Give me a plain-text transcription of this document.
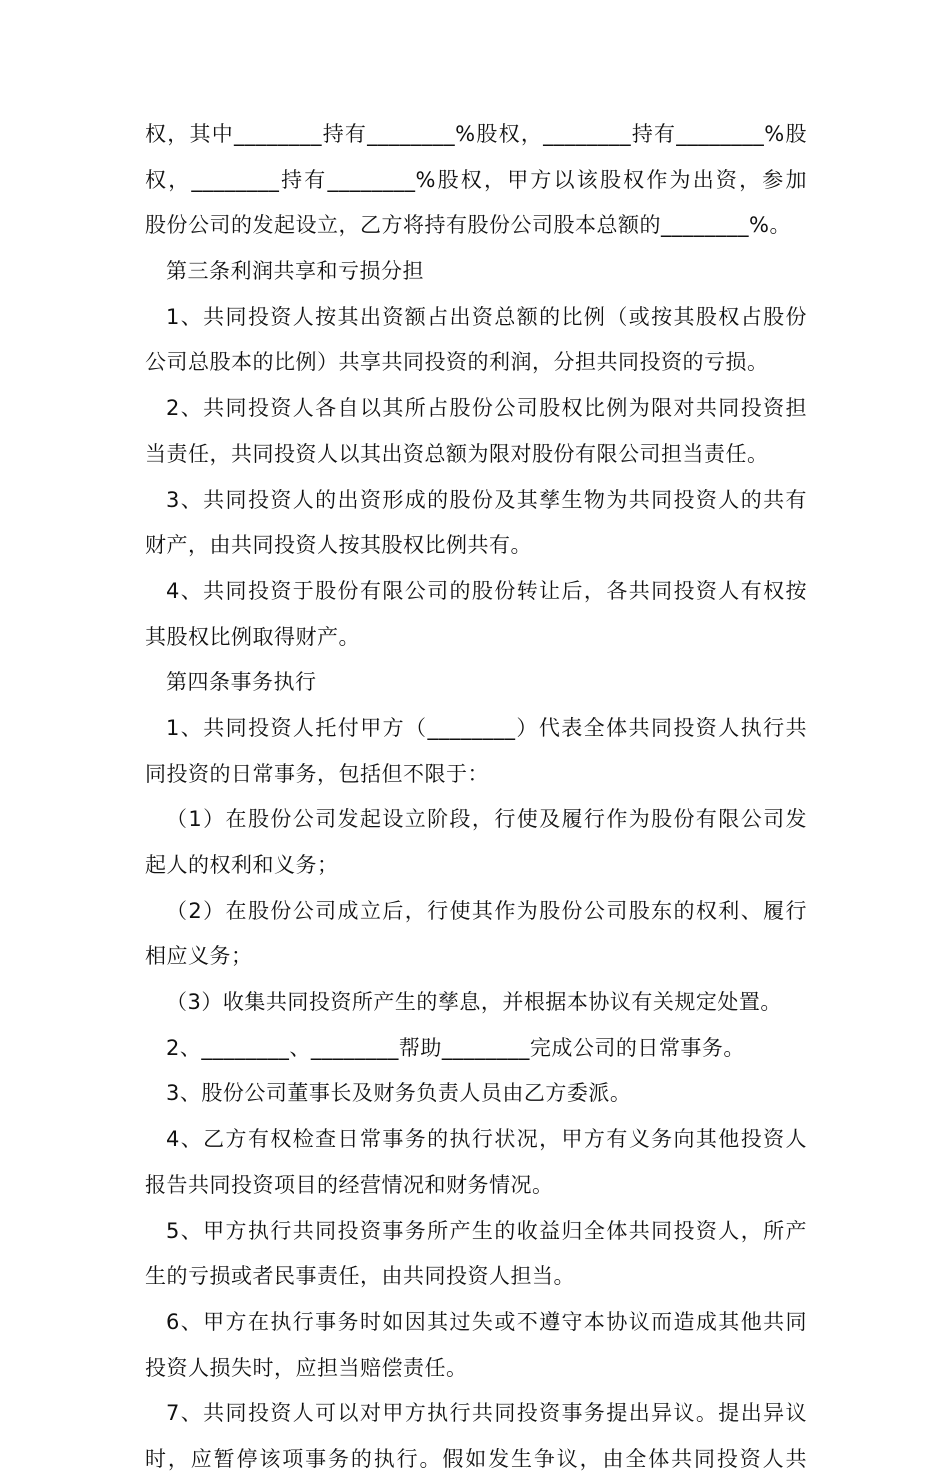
权，其中________持有________%股权，________持有________%股
权，________持有________%股权，甲方以该股权作为出资，参加
股份公司的发起设立，乙方将持有股份公司股本总额的________%。
第三条利润共享和亏损分担
1、共同投资人按其出资额占出资总额的比例（或按其股权占股份
公司总股本的比例）共享共同投资的利润，分担共同投资的亏损。
2、共同投资人各自以其所占股份公司股权比例为限对共同投资担
当责任，共同投资人以其出资总额为限对股份有限公司担当责任。
3、共同投资人的出资形成的股份及其孳生物为共同投资人的共有
财产，由共同投资人按其股权比例共有。
4、共同投资于股份有限公司的股份转让后，各共同投资人有权按
其股权比例取得财产。
第四条事务执行
1、共同投资人托付甲方（________）代表全体共同投资人执行共
同投资的日常事务，包括但不限于：
（1）在股份公司发起设立阶段，行使及履行作为股份有限公司发
起人的权利和义务；
（2）在股份公司成立后，行使其作为股份公司股东的权利、履行
相应义务；
（3）收集共同投资所产生的孳息，并根据本协议有关规定处置。
2、________、________帮助________完成公司的日常事务。
3、股份公司董事长及财务负责人员由乙方委派。
4、乙方有权检查日常事务的执行状况，甲方有义务向其他投资人
报告共同投资项目的经营情况和财务情况。
5、甲方执行共同投资事务所产生的收益归全体共同投资人，所产
生的亏损或者民事责任，由共同投资人担当。
6、甲方在执行事务时如因其过失或不遵守本协议而造成其他共同
投资人损失时，应担当赔偿责任。
7、共同投资人可以对甲方执行共同投资事务提出异议。提出异议
时，应暂停该项事务的执行。假如发生争议，由全体共同投资人共
